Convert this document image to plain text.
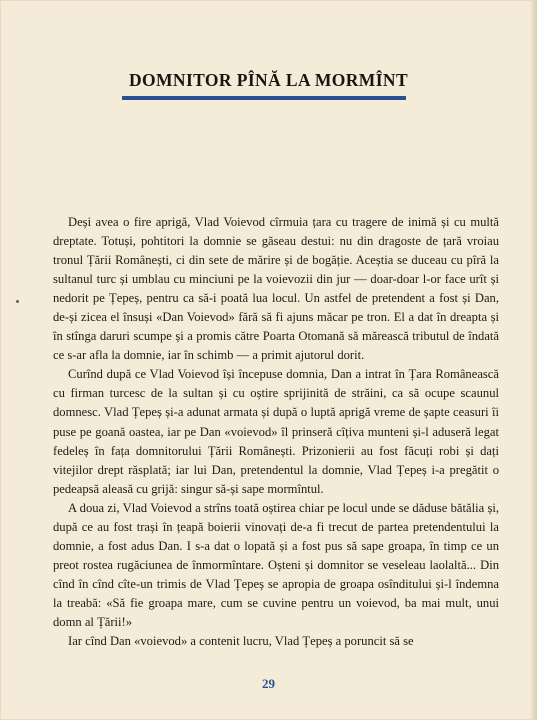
DOMNITOR PÎNĂ LA MORMÎNT

Deși avea o fire aprigă, Vlad Voievod cîrmuia țara cu tragere de inimă și cu multă dreptate. Totuși, pohtitori la domnie se găseau destui: nu din dragoste de țară vroiau tronul Țării Românești, ci din sete de mărire și de bogăție. Aceștia se duceau cu pîră la sultanul turc și umblau cu minciuni pe la voievozii din jur — doar-doar l-or face urît și nedorit pe Țepeș, pentru ca să-i poată lua locul. Un astfel de pretendent a fost și Dan, de-și zicea el însuși «Dan Voievod» fără să fi ajuns măcar pe tron. El a dat în dreapta și în stînga daruri scumpe și a promis către Poarta Otomană să mărească tributul de îndată ce s-ar afla la domnie, iar în schimb — a primit ajutorul dorit.

Curînd după ce Vlad Voievod își începuse domnia, Dan a intrat în Țara Românească cu firman turcesc de la sultan și cu oștire sprijinită de străini, ca să ocupe scaunul domnesc. Vlad Țepeș și-a adunat armata și după o luptă aprigă vreme de șapte ceasuri îi puse pe goană oastea, iar pe Dan «voievod» îl prinseră cîțiva munteni și-l aduseră legat fedeleș în fața domnitorului Țării Românești. Prizonierii au fost făcuți robi și dați vitejilor drept răsplată; iar lui Dan, pretendentul la domnie, Vlad Țepeș i-a pregătit o pedeapsă aleasă cu grijă: singur să-și sape mormîntul.

A doua zi, Vlad Voievod a strîns toată oștirea chiar pe locul unde se dăduse bătălia și, după ce au fost trași în țeapă boierii vinovați de-a fi trecut de partea pretendentului la domnie, a fost adus Dan. I s-a dat o lopată și a fost pus să sape groapa, în timp ce un preot rostea rugăciunea de înmormîntare. Oșteni și domnitor se veseleau laolaltă... Din cînd în cînd cîte-un trimis de Vlad Țepeș se apropia de groapa osînditului și-l îndemna la treabă: «Să fie groapa mare, cum se cuvine pentru un voievod, ba mai mult, unui domn al Țării!»

Iar cînd Dan «voievod» a contenit lucru, Vlad Țepeș a poruncit să se

29
